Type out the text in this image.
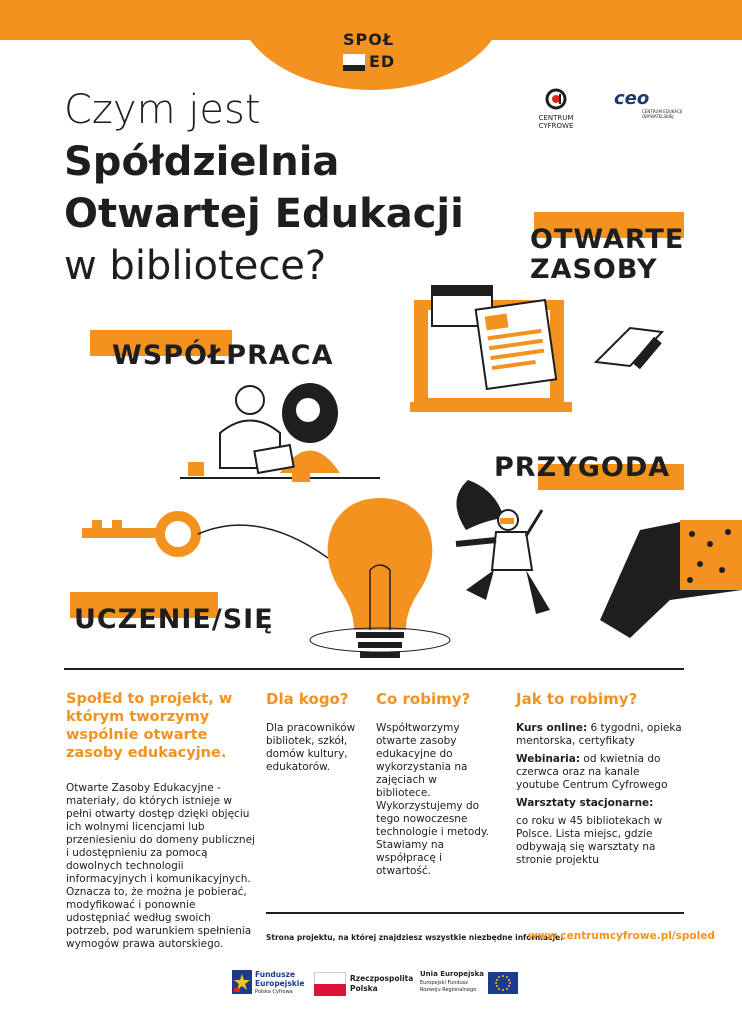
SPOŁ
ED
CENTRUM
CYFROWE
ceo
CENTRUM EDUKACJI
OBYWATELSKIEJ
Czym jest
Spółdzielnia
Otwartej Edukacji
w bibliotece?
OTWARTE
ZASOBY
WSPÓŁPRACA
PRZYGODA
UCZENIE/SIĘ
SpołEd to projekt, w którym tworzymy wspólnie otwarte zasoby edukacyjne.
Otwarte Zasoby Edukacyjne - materiały, do których istnieje w pełni otwarty dostęp dzięki objęciu ich wolnymi licencjami lub przeniesieniu do domeny publicznej i udostępnieniu za pomocą dowolnych technologii informacyjnych i komunikacyjnych. Oznacza to, że można je pobierać, modyfikować i ponownie udostępniać według swoich potrzeb, pod warunkiem spełnienia wymogów prawa autorskiego.
Dla kogo?
Dla pracowników bibliotek, szkół, domów kultury, edukatorów.
Co robimy?
Współtworzymy otwarte zasoby edukacyjne do wykorzystania na zajęciach w bibliotece. Wykorzystujemy do tego nowoczesne technologie i metody. Stawiamy na współpracę i otwartość.
Jak to robimy?
Kurs online: 6 tygodni, opieka mentorska, certyfikaty
Webinaria: od kwietnia do czerwca oraz na kanale youtube Centrum Cyfrowego
Warsztaty stacjonarne:
co roku w 45 bibliotekach w Polsce. Lista miejsc, gdzie odbywają się warsztaty na stronie projektu
Strona projektu, na której znajdziesz wszystkie niezbędne informacje:
www.centrumcyfrowe.pl/spoled
Fundusze
Europejskie
Polska Cyfrowa
Rzeczpospolita
Polska
Unia Europejska
Europejski Fundusz
Rozwoju Regionalnego
